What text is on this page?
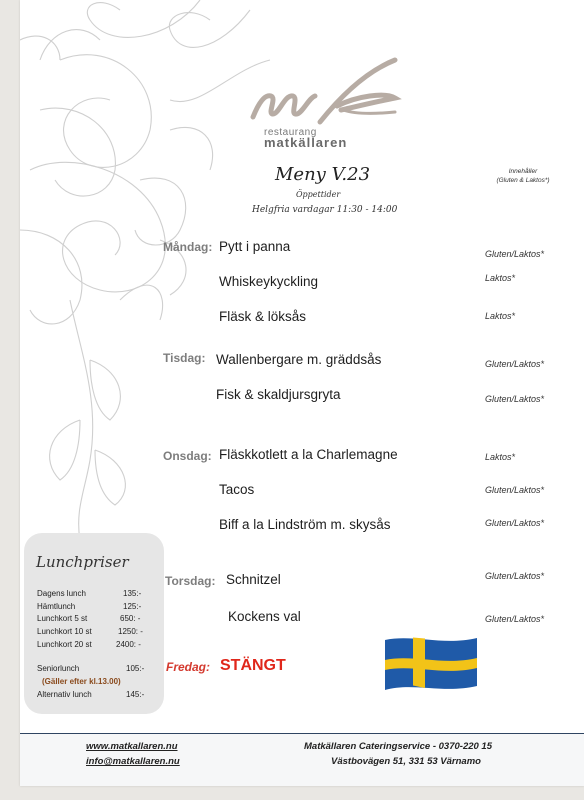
restaurang
matkällaren
Meny V.23
Öppettider
Helgfria vardagar 11:30 - 14:00
Innehåller
(Gluten & Laktos*)
Måndag: Pytt i panna	Gluten/Laktos*
Whiskeykyckling	Laktos*
Fläsk & löksås	Laktos*
Tisdag: Wallenbergare m. gräddsås	Gluten/Laktos*
Fisk & skaldjursgryta	Gluten/Laktos*
Onsdag: Fläskkotlett a la Charlemagne	Laktos*
Tacos	Gluten/Laktos*
Biff a la Lindström m. skysås	Gluten/Laktos*
Torsdag: Schnitzel	Gluten/Laktos*
Kockens val	Gluten/Laktos*
Fredag: STÄNGT
Lunchpriser
Dagens lunch	135:-
Hämtlunch	125:-
Lunchkort 5 st	650: -
Lunchkort 10 st	1250: -
Lunchkort 20 st	2400: -
Seniorlunch	105:-
(Gäller efter kl.13.00)
Alternativ lunch	145:-
www.matkallaren.nu
info@matkallaren.nu
Matkällaren Cateringservice - 0370-220 15
Västbovägen 51, 331 53 Värnamo
